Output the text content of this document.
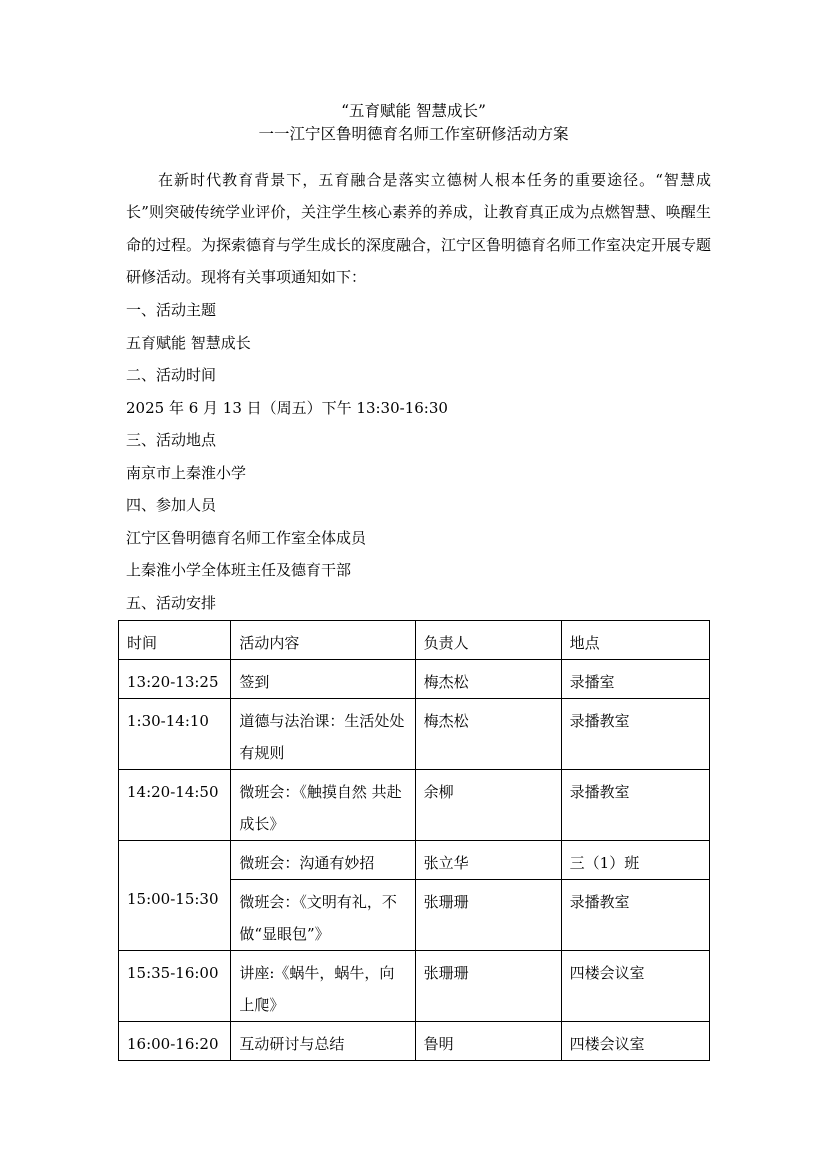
“五育赋能 智慧成长”
一一江宁区鲁明德育名师工作室研修活动方案
在新时代教育背景下，五育融合是落实立德树人根本任务的重要途径。“智慧成长”则突破传统学业评价，关注学生核心素养的养成，让教育真正成为点燃智慧、唤醒生命的过程。为探索德育与学生成长的深度融合，江宁区鲁明德育名师工作室决定开展专题研修活动。现将有关事项通知如下：
一、活动主题
五育赋能 智慧成长
二、活动时间
2025 年 6 月 13 日（周五）下午 13:30-16:30
三、活动地点
南京市上秦淮小学
四、参加人员
江宁区鲁明德育名师工作室全体成员
上秦淮小学全体班主任及德育干部
五、活动安排
时间	活动内容	负责人	地点
13:20-13:25	签到	梅杰松	录播室
1:30-14:10	道德与法治课：生活处处有规则	梅杰松	录播教室
14:20-14:50	微班会：《触摸自然 共赴成长》	余柳	录播教室
15:00-15:30	微班会：沟通有妙招	张立华	三（1）班
	微班会：《文明有礼，不做“显眼包”》	张珊珊	录播教室
15:35-16:00	讲座:《蜗牛，蜗牛，向上爬》	张珊珊	四楼会议室
16:00-16:20	互动研讨与总结	鲁明	四楼会议室
